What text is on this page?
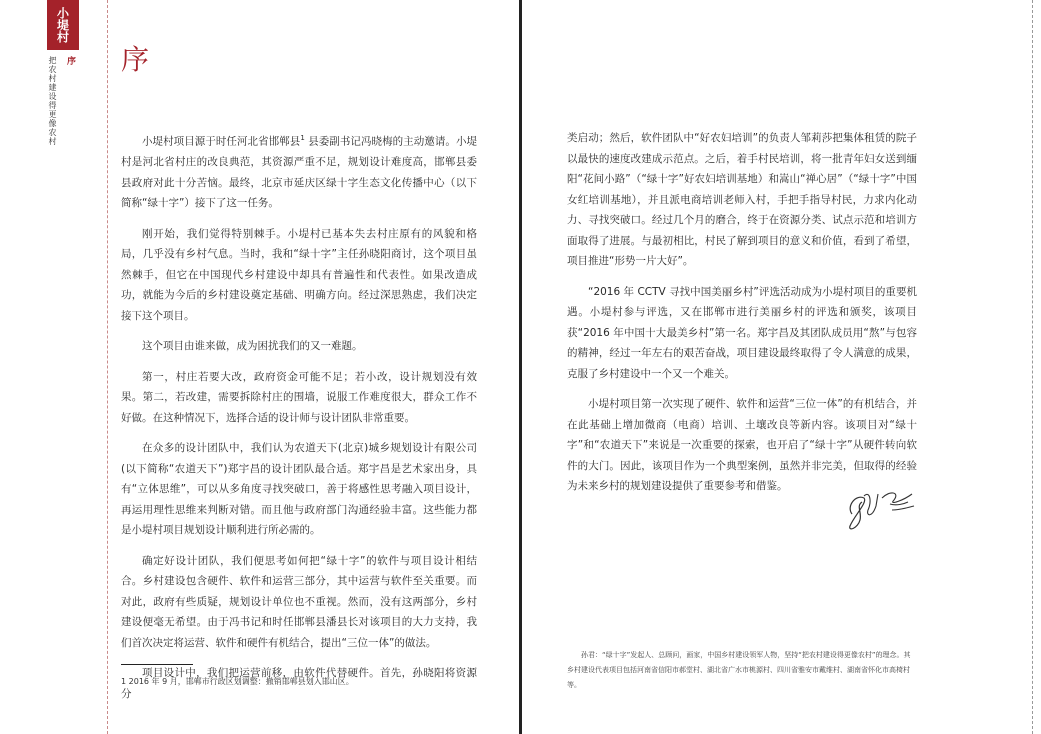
小堤村
把农村建设得更像农村 序 序

小堤村项目源于时任河北省邯郸县$^1$ 县委副书记冯晓梅的主动邀请。小堤村是河北省村庄的改良典范，其资源严重不足，规划设计难度高，邯郸县委县政府对此十分苦恼。最终，北京市延庆区绿十字生态文化传播中心（以下简称“绿十字”）接下了这一任务。

刚开始，我们觉得特别棘手。小堤村已基本失去村庄原有的风貌和格局，几乎没有乡村气息。当时，我和“绿十字”主任孙晓阳商讨，这个项目虽然棘手，但它在中国现代乡村建设中却具有普遍性和代表性。如果改造成功，就能为今后的乡村建设奠定基础、明确方向。经过深思熟虑，我们决定接下这个项目。

这个项目由谁来做，成为困扰我们的又一难题。

第一，村庄若要大改，政府资金可能不足；若小改，设计规划没有效果。第二，若改建，需要拆除村庄的围墙，说服工作难度很大，群众工作不好做。在这种情况下，选择合适的设计师与设计团队非常重要。

在众多的设计团队中，我们认为农道天下(北京)城乡规划设计有限公司(以下简称“农道天下”)郑宇昌的设计团队最合适。郑宇昌是艺术家出身，具有“立体思维”，可以从多角度寻找突破口，善于将感性思考融入项目设计，再运用理性思维来判断对错。而且他与政府部门沟通经验丰富。这些能力都是小堤村项目规划设计顺利进行所必需的。

确定好设计团队，我们便思考如何把“绿十字”的软件与项目设计相结合。乡村建设包含硬件、软件和运营三部分，其中运营与软件至关重要。而对此，政府有些质疑，规划设计单位也不重视。然而，没有这两部分，乡村建设便毫无希望。由于冯书记和时任邯郸县潘县长对该项目的大力支持，我们首次决定将运营、软件和硬件有机结合，提出“三位一体”的做法。

项目设计中，我们把运营前移，由软件代替硬件。首先，孙晓阳将资源分

1 2016 年 9 月，邯郸市行政区划调整：撤销邯郸县划入邯山区。

类启动；然后，软件团队中“好农妇培训”的负责人邹莉莎把集体租赁的院子以最快的速度改建成示范点。之后，着手村民培训，将一批青年妇女送到缅阳“花间小路”（“绿十字”好农妇培训基地）和嵩山“禅心居”（“绿十字”中国女红培训基地），并且派电商培训老师入村，手把手指导村民，力求内化动力、寻找突破口。经过几个月的磨合，终于在资源分类、试点示范和培训方面取得了进展。与最初相比，村民了解到项目的意义和价值，看到了希望，项目推进“形势一片大好”。

“2016 年 CCTV 寻找中国美丽乡村”评选活动成为小堤村项目的重要机遇。小堤村参与评选，又在邯郸市进行美丽乡村的评选和颁奖，该项目获“2016 年中国十大最美乡村”第一名。郑宇昌及其团队成员用“熬”与包容的精神，经过一年左右的艰苦奋战，项目建设最终取得了令人满意的成果，克服了乡村建设中一个又一个难关。

小堤村项目第一次实现了硬件、软件和运营“三位一体”的有机结合，并在此基础上增加微商（电商）培训、土壤改良等新内容。该项目对“绿十字”和“农道天下”来说是一次重要的探索，也开启了“绿十字”从硬件转向软件的大门。因此，该项目作为一个典型案例，虽然并非完美，但取得的经验为未来乡村的规划建设提供了重要参考和借鉴。

孙君：“绿十字”发起人、总顾问，画家，中国乡村建设领军人物，坚持“把农村建设得更像农村”的理念。其乡村建设代表项目包括河南省信阳市郝堂村、湖北省广水市桃源村、四川省雅安市戴维村、湖南省怀化市高椅村等。
